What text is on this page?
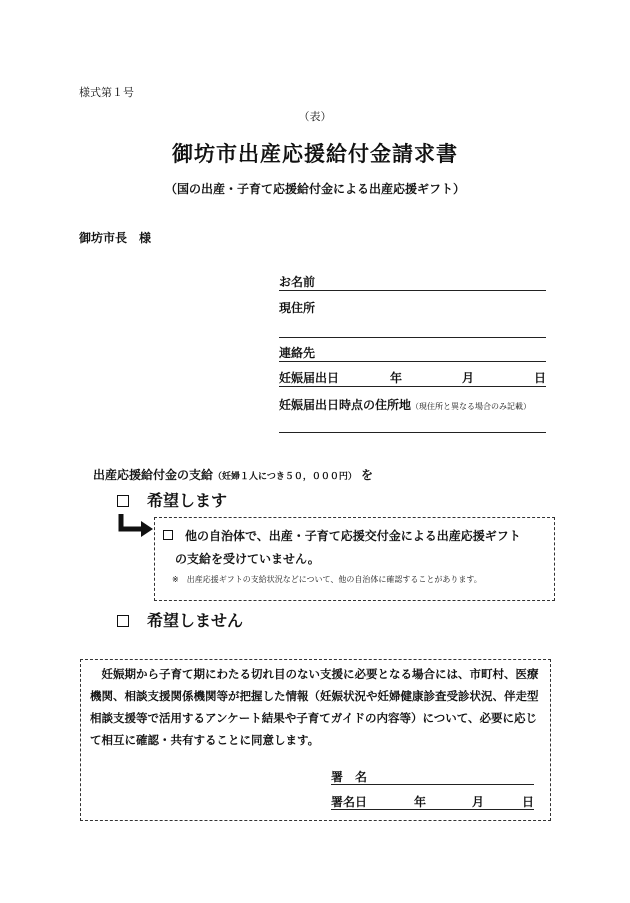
様式第１号
（表）
御坊市出産応援給付金請求書
（国の出産・子育て応援給付金による出産応援ギフト）
御坊市長　様
お名前
現住所
連絡先
妊娠届出日	年	月	日
妊娠届出日時点の住所地（現住所と異なる場合のみ記載）
出産応援給付金の支給（妊婦１人につき５０，０００円） を
希望します
他の自治体で、出産・子育て応援交付金による出産応援ギフト
の支給を受けていません。
※　出産応援ギフトの支給状況などについて、他の自治体に確認することがあります。
希望しません
　妊娠期から子育て期にわたる切れ目のない支援に必要となる場合には、市町村、医療機関、相談支援関係機関等が把握した情報（妊娠状況や妊婦健康診査受診状況、伴走型相談支援等で活用するアンケート結果や子育てガイドの内容等）について、必要に応じて相互に確認・共有することに同意します。
署　名
署名日	年	月	日
